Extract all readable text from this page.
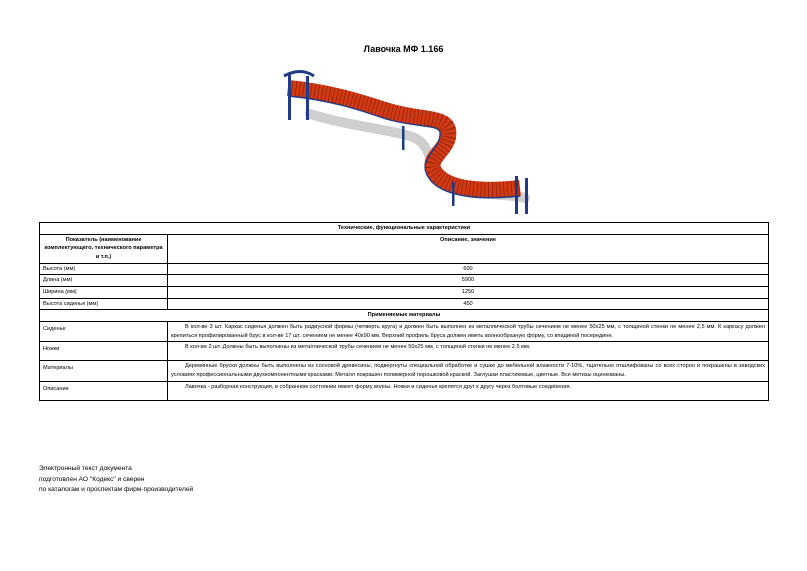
Лавочка МФ 1.166
Технические, функциональные характеристики	
Показатель (наименование комплектующего, технического параметра и т.п.)	Описание, значение
Высота (мм)	600
Длина (мм)	5900
Ширина (мм)	1250
Высота сиденья (мм)	450
Применяемые материалы	
Сиденье	В кол-ве 3 шт. Каркас сиденья должен быть радиусной формы (четверть круга) и должен быть выполнен из металлической трубы сечением не менее 50x25 мм, с толщиной стенки не менее 2,5 мм. К каркасу должен крепиться профилированный брус в кол-ве 17 шт. сечением не менее 40x90 мм. Верхний профиль бруса должен иметь волнообразную форму, со впадиной посередине.

Ножки	В кол-ве 2 шт. Должны быть выполнены из металлической трубы сечением не менее 50x25 мм, с толщиной стенки не менее 2.5 мм.

Материалы	Деревянные бруски должны быть выполнены из сосновой древесины, подвергнуты специальной обработке и сушке до мебельной влажности 7-10%, тщательно отшлифованы со всех сторон и покрашены в заводских условиях профессиональными двухкомпонентными красками. Металл покрашен полимерной порошковой краской. Заглушки пластиковые, цветные. Все метизы оцинкованы.

Описание	Лавочка - разборная конструкция, в собранном состоянии имеет форму волны. Ножки и сиденья крепятся друг к другу через болтовые соединения.
Электронный текст документа
подготовлен АО "Кодекс" и сверен
по каталогам и проспектам фирм-производителей
